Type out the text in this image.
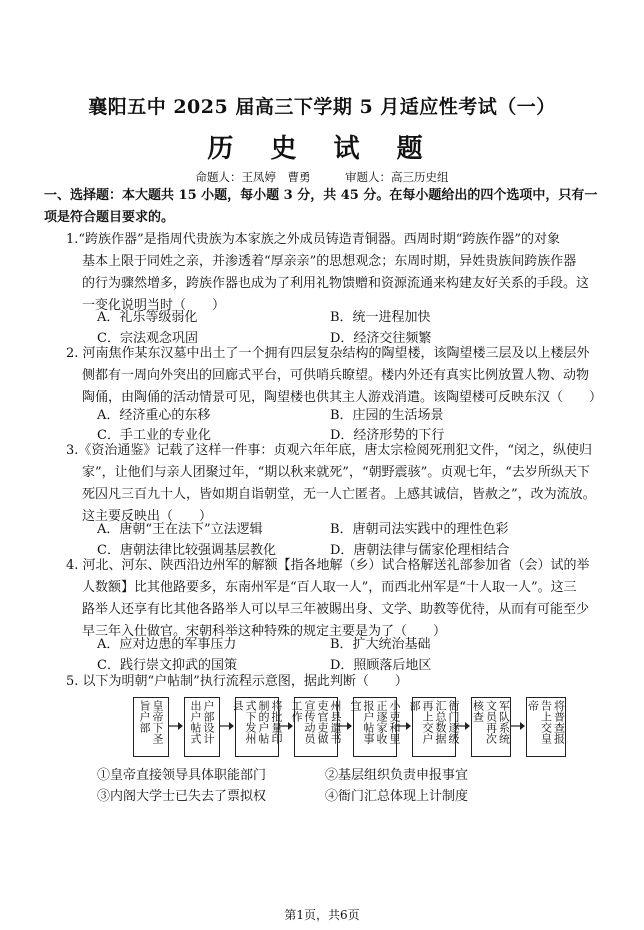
襄阳五中 2025 届高三下学期 5 月适应性考试（一）
历 史 试 题
命题人：王凤婷　曹勇　　　审题人：高三历史组
一、选择题：本大题共 15 小题，每小题 3 分，共 45 分。在每小题给出的四个选项中，只有一
项是符合题目要求的。
1.“跨族作器”是指周代贵族为本家族之外成员铸造青铜器。西周时期“跨族作器”的对象
基本上限于同姓之亲，并渗透着“厚亲亲”的思想观念；东周时期，异姓贵族间跨族作器
的行为骤然增多，跨族作器也成为了利用礼物馈赠和资源流通来构建友好关系的手段。这
一变化说明当时（　　）
A．礼乐等级弱化	B．统一进程加快
C．宗法观念巩固	D．经济交往频繁
2. 河南焦作某东汉墓中出土了一个拥有四层复杂结构的陶望楼，该陶望楼三层及以上楼层外
侧都有一周向外突出的回廊式平台，可供哨兵瞭望。楼内外还有真实比例放置人物、动物
陶俑，由陶俑的活动情景可见，陶望楼也供其主人游戏消遣。该陶望楼可反映东汉（　　）
A．经济重心的东移	B．庄园的生活场景
C．手工业的专业化	D．经济形势的下行
3.《资治通鉴》记载了这样一件事：贞观六年年底，唐太宗检阅死刑犯文件，“闵之，纵使归
家”，让他们与亲人团聚过年，“期以秋来就死”，“朝野震骇”。贞观七年，“去岁所纵天下
死囚凡三百九十人，皆如期自诣朝堂，无一人亡匿者。上感其诚信，皆赦之”，改为流放。
这主要反映出（　　）
A．唐朝“王在法下”立法逻辑	B．唐朝司法实践中的理性色彩
C．唐朝法律比较强调基层教化	D．唐朝法律与儒家伦理相结合
4. 河北、河东、陕西沿边州军的解额【指各地解（乡）试合格解送礼部参加省（会）试的举
人数额】比其他路要多，东南州军是“百人取一人”，而西北州军是“十人取一人”。这三
路举人还享有比其他各路举人可以早三年被賜出身、文学、助教等优待，从而有可能至少
早三年入仕做官。宋朝科举这种特殊的规定主要是为了（　　）
A．应对边患的军事压力	B．扩大统治基础
C．践行崇文抑武的国策	D．照顾落后地区
5. 以下为明朝“户帖制”执行流程示意图，据此判断（　　）
皇帝下圣旨户部	户部设计出户帖式	将批量印制的户帖式下发州县	州县遣书吏官吏做宣传动员工作	小吏和里正逐家收报户帖事宜	衙门逐级汇总数据再上交户部	军队系统文员再次核查	将普查报告上交皇帝
①皇帝直接领导具体职能部门	②基层组织负责申报事宜
③内阁大学士已失去了票拟权	④衙门汇总体现上计制度
第1页，共6页
